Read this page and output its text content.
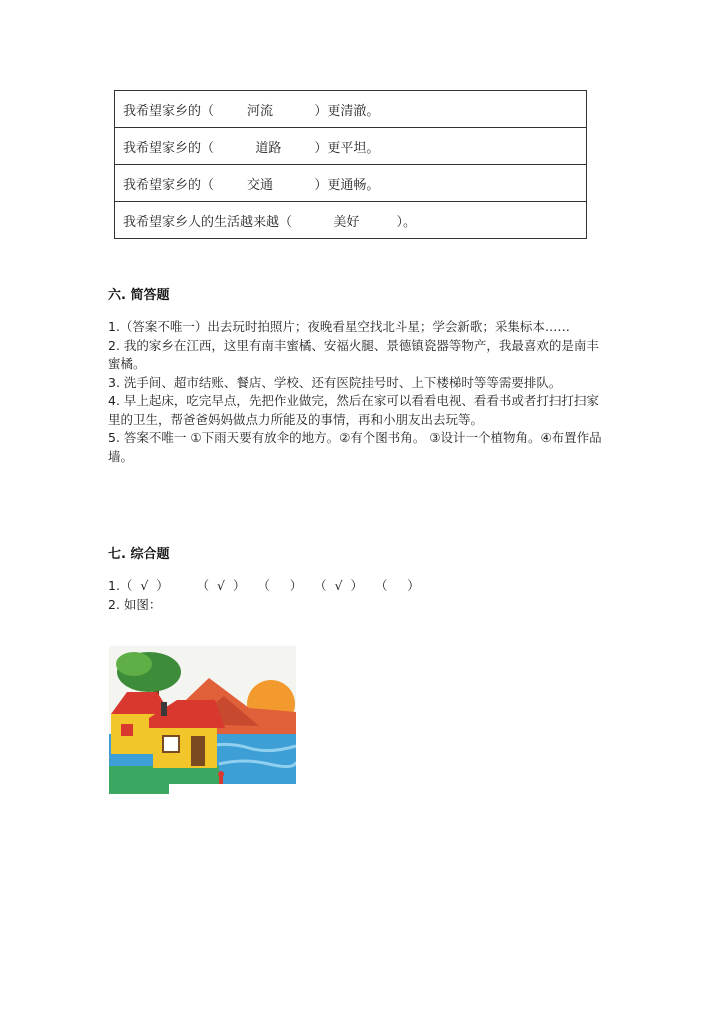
我希望家乡的（        河流          ）更清澈。
我希望家乡的（          道路        ）更平坦。
我希望家乡的（        交通          ）更通畅。
我希望家乡人的生活越来越（          美好         ）。
六. 简答题

1.（答案不唯一）出去玩时拍照片；夜晚看星空找北斗星；学会新歌；采集标本……

2. 我的家乡在江西，这里有南丰蜜橘、安福火腿、景德镇瓷器等物产，我最喜欢的是南丰蜜橘。

3. 洗手间、超市结账、餐店、学校、还有医院挂号时、上下楼梯时等等需要排队。

4. 早上起床，吃完早点，先把作业做完，然后在家可以看看电视、看看书或者打扫打扫家里的卫生，帮爸爸妈妈做点力所能及的事情，再和小朋友出去玩等。

5. 答案不唯一 ①下雨天要有放伞的地方。②有个图书角。 ③设计一个植物角。④布置作品墙。

七. 综合题

1.（  √  ）       （  √  ）   （     ）   （  √  ）   （     ）

2. 如图：
